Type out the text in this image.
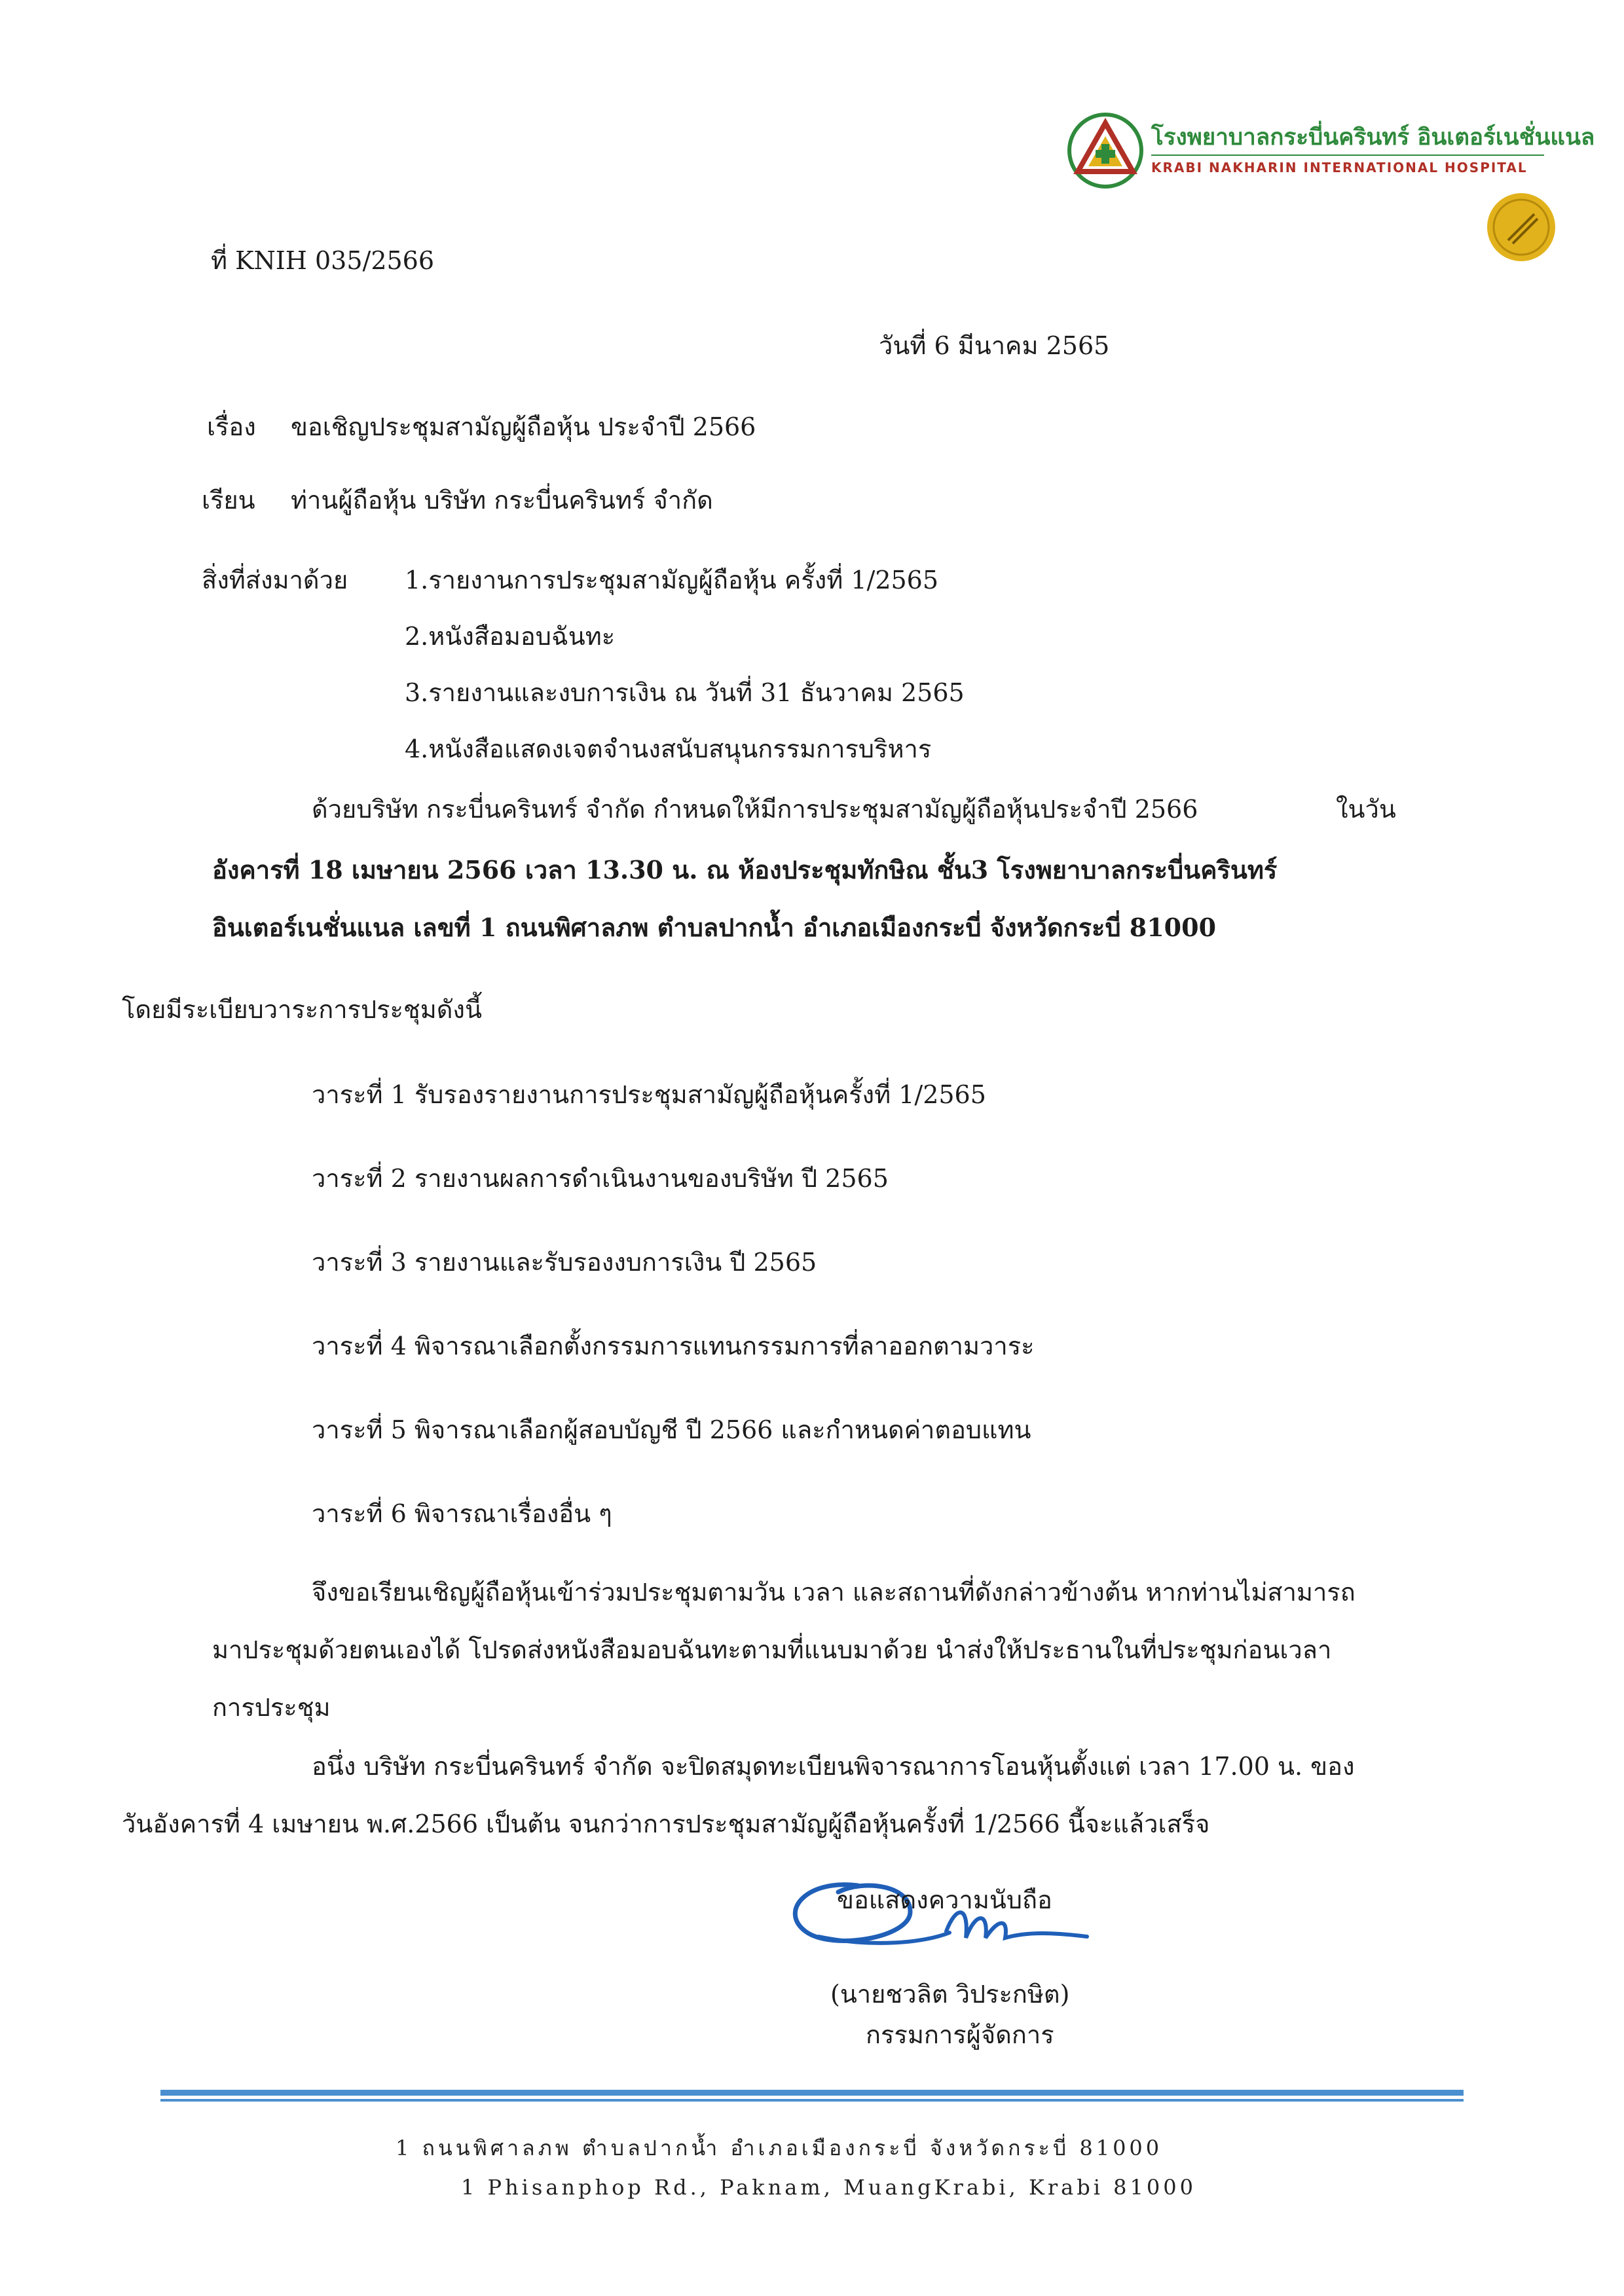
โรงพยาบาลกระบี่นครินทร์ อินเตอร์เนชั่นแนล
KRABI NAKHARIN INTERNATIONAL HOSPITAL
ที่ KNIH 035/2566
วันที่ 6 มีนาคม 2565
เรื่อง ขอเชิญประชุมสามัญผู้ถือหุ้น ประจำปี 2566
เรียน ท่านผู้ถือหุ้น บริษัท กระบี่นครินทร์ จำกัด
สิ่งที่ส่งมาด้วย 1.รายงานการประชุมสามัญผู้ถือหุ้น ครั้งที่ 1/2565
2.หนังสือมอบฉันทะ
3.รายงานและงบการเงิน ณ วันที่ 31 ธันวาคม 2565
4.หนังสือแสดงเจตจำนงสนับสนุนกรรมการบริหาร
ด้วยบริษัท กระบี่นครินทร์ จำกัด กำหนดให้มีการประชุมสามัญผู้ถือหุ้นประจำปี 2566	ในวัน
อังคารที่ 18 เมษายน 2566 เวลา 13.30 น. ณ ห้องประชุมทักษิณ ชั้น3 โรงพยาบาลกระบี่นครินทร์
อินเตอร์เนชั่นแนล เลขที่ 1 ถนนพิศาลภพ ตำบลปากน้ำ อำเภอเมืองกระบี่ จังหวัดกระบี่ 81000
โดยมีระเบียบวาระการประชุมดังนี้
วาระที่ 1 รับรองรายงานการประชุมสามัญผู้ถือหุ้นครั้งที่ 1/2565
วาระที่ 2 รายงานผลการดำเนินงานของบริษัท ปี 2565
วาระที่ 3 รายงานและรับรองงบการเงิน ปี 2565
วาระที่ 4 พิจารณาเลือกตั้งกรรมการแทนกรรมการที่ลาออกตามวาระ
วาระที่ 5 พิจารณาเลือกผู้สอบบัญชี ปี 2566 และกำหนดค่าตอบแทน
วาระที่ 6 พิจารณาเรื่องอื่น ๆ
จึงขอเรียนเชิญผู้ถือหุ้นเข้าร่วมประชุมตามวัน เวลา และสถานที่ดังกล่าวข้างต้น หากท่านไม่สามารถ
มาประชุมด้วยตนเองได้ โปรดส่งหนังสือมอบฉันทะตามที่แนบมาด้วย นำส่งให้ประธานในที่ประชุมก่อนเวลา
การประชุม
อนึ่ง บริษัท กระบี่นครินทร์ จำกัด จะปิดสมุดทะเบียนพิจารณาการโอนหุ้นตั้งแต่ เวลา 17.00 น. ของ
วันอังคารที่ 4 เมษายน พ.ศ.2566 เป็นต้น จนกว่าการประชุมสามัญผู้ถือหุ้นครั้งที่ 1/2566 นี้จะแล้วเสร็จ
ขอแสดงความนับถือ
(นายชวลิต วิประกษิต)
กรรมการผู้จัดการ
1 ถนนพิศาลภพ ตำบลปากน้ำ อำเภอเมืองกระบี่ จังหวัดกระบี่ 81000
1 Phisanphop Rd., Paknam, MuangKrabi, Krabi 81000
